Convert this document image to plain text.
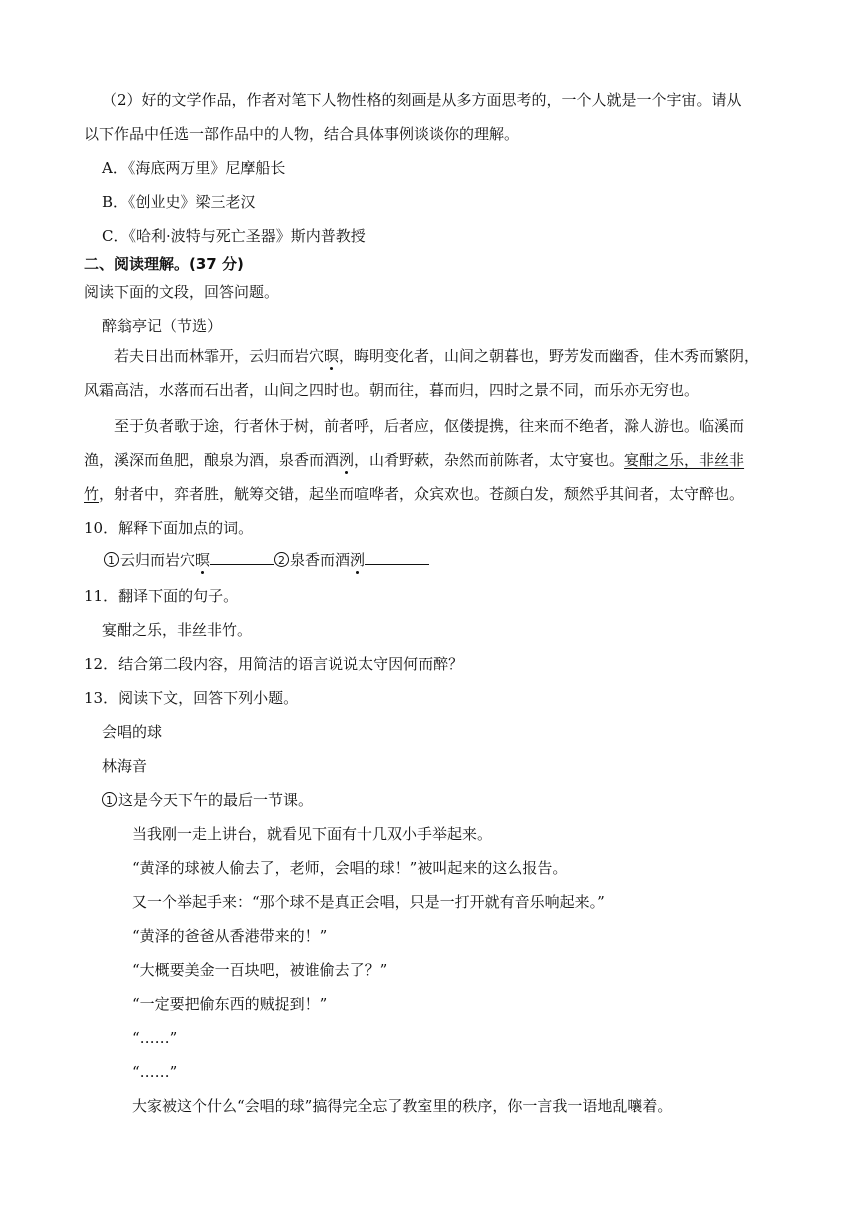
（2）好的文学作品，作者对笔下人物性格的刻画是从多方面思考的，一个人就是一个宇宙。请从
以下作品中任选一部作品中的人物，结合具体事例谈谈你的理解。
A．《海底两万里》尼摩船长
B．《创业史》梁三老汉
C．《哈利·波特与死亡圣器》斯内普教授
二、阅读理解。(37 分)
阅读下面的文段，回答问题。
醉翁亭记（节选）
若夫日出而林霏开，云归而岩穴暝，晦明变化者，山间之朝暮也，野芳发而幽香，佳木秀而繁阴，
风霜高洁，水落而石出者，山间之四时也。朝而往，暮而归，四时之景不同，而乐亦无穷也。
至于负者歌于途，行者休于树，前者呼，后者应，伛偻提携，往来而不绝者，滁人游也。临溪而
渔，溪深而鱼肥，酿泉为酒，泉香而酒洌，山肴野蔌，杂然而前陈者，太守宴也。宴酣之乐，非丝非
竹，射者中，弈者胜，觥筹交错，起坐而喧哗者，众宾欢也。苍颜白发，颓然乎其间者，太守醉也。
10．解释下面加点的词。
1 云归而岩穴暝	2 泉香而酒洌
11．翻译下面的句子。
宴酣之乐，非丝非竹。
12．结合第二段内容，用简洁的语言说说太守因何而醉？
13．阅读下文，回答下列小题。
会唱的球
林海音
1 这是今天下午的最后一节课。
当我刚一走上讲台，就看见下面有十几双小手举起来。
“黄泽的球被人偷去了，老师，会唱的球！”被叫起来的这么报告。
又一个举起手来：“那个球不是真正会唱，只是一打开就有音乐响起来。”
“黄泽的爸爸从香港带来的！”
“大概要美金一百块吧，被谁偷去了？”
“一定要把偷东西的贼捉到！”
“……”
“……”
大家被这个什么“会唱的球”搞得完全忘了教室里的秩序，你一言我一语地乱嚷着。
